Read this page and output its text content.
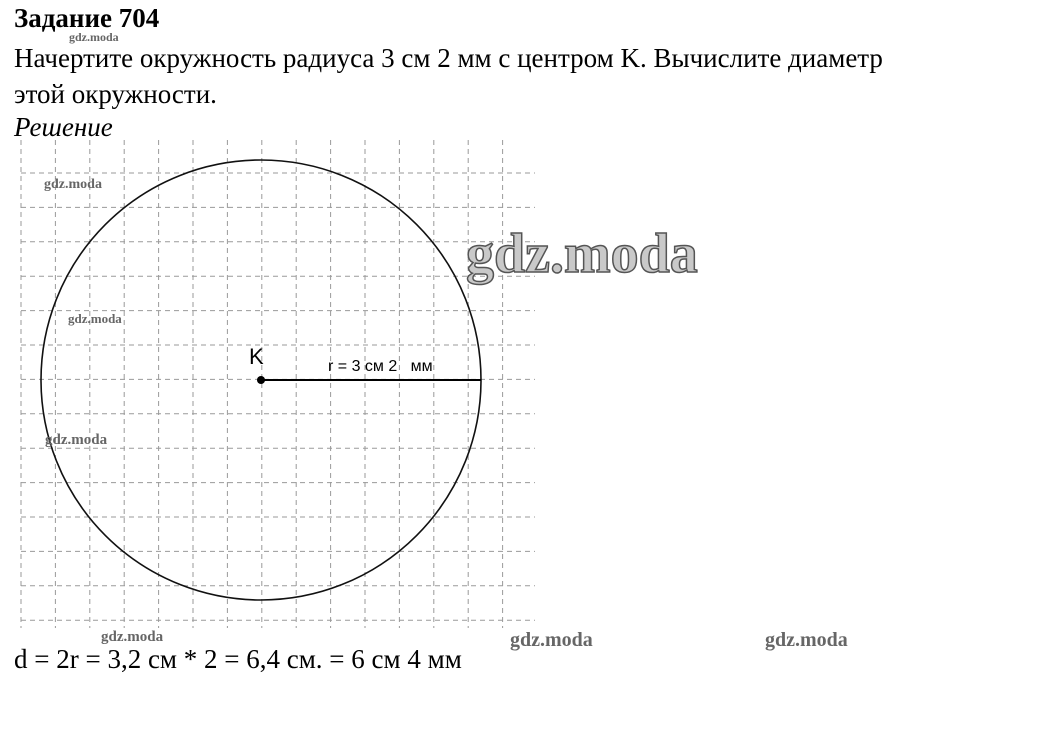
Задание 704
Начертите окружность радиуса 3 см 2 мм с центром K. Вычислите диаметр
этой окружности.
Решение
K	r = 3 см 2   мм
gdz.moda
gdz.moda
gdz.moda
gdz.moda
gdz.moda
gdz.moda	gdz.moda	gdz.moda
d = 2r = 3,2 см * 2 = 6,4 см. = 6 см 4 мм
